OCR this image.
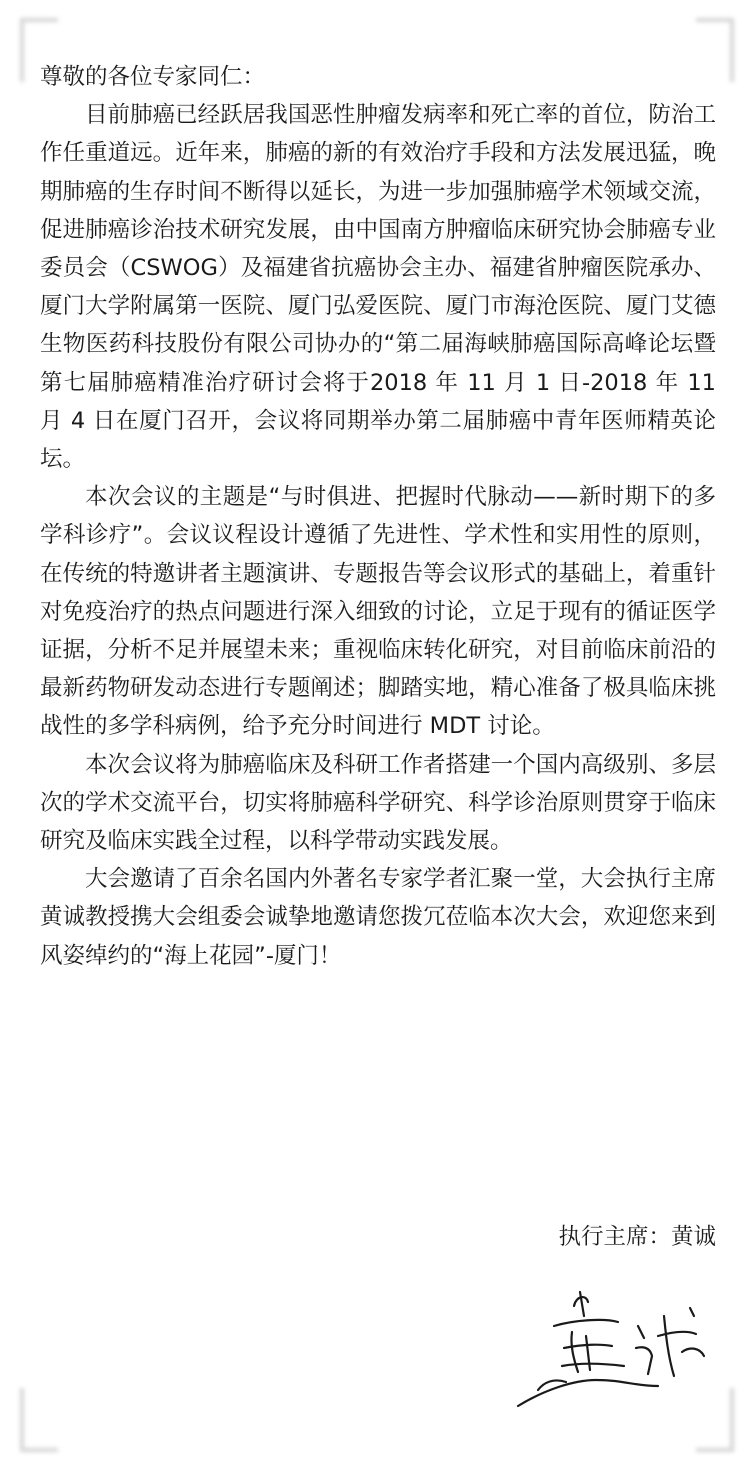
尊敬的各位专家同仁：

目前肺癌已经跃居我国恶性肿瘤发病率和死亡率的首位，防治工作任重道远。近年来，肺癌的新的有效治疗手段和方法发展迅猛，晚期肺癌的生存时间不断得以延长，为进一步加强肺癌学术领域交流，促进肺癌诊治技术研究发展，由中国南方肿瘤临床研究协会肺癌专业委员会（CSWOG）及福建省抗癌协会主办、福建省肿瘤医院承办、厦门大学附属第一医院、厦门弘爱医院、厦门市海沧医院、厦门艾德生物医药科技股份有限公司协办的“第二届海峡肺癌国际高峰论坛暨第七届肺癌精准治疗研讨会将于2018 年 11 月 1 日-2018 年 11 月 4 日在厦门召开，会议将同期举办第二届肺癌中青年医师精英论坛。

本次会议的主题是“与时俱进、把握时代脉动——新时期下的多学科诊疗”。会议议程设计遵循了先进性、学术性和实用性的原则，在传统的特邀讲者主题演讲、专题报告等会议形式的基础上，着重针对免疫治疗的热点问题进行深入细致的讨论，立足于现有的循证医学证据，分析不足并展望未来；重视临床转化研究，对目前临床前沿的最新药物研发动态进行专题阐述；脚踏实地，精心准备了极具临床挑战性的多学科病例，给予充分时间进行 MDT 讨论。

本次会议将为肺癌临床及科研工作者搭建一个国内高级别、多层次的学术交流平台，切实将肺癌科学研究、科学诊治原则贯穿于临床研究及临床实践全过程，以科学带动实践发展。

大会邀请了百余名国内外著名专家学者汇聚一堂，大会执行主席黄诚教授携大会组委会诚挚地邀请您拨冗莅临本次大会，欢迎您来到风姿绰约的“海上花园”-厦门！

执行主席：黄诚
